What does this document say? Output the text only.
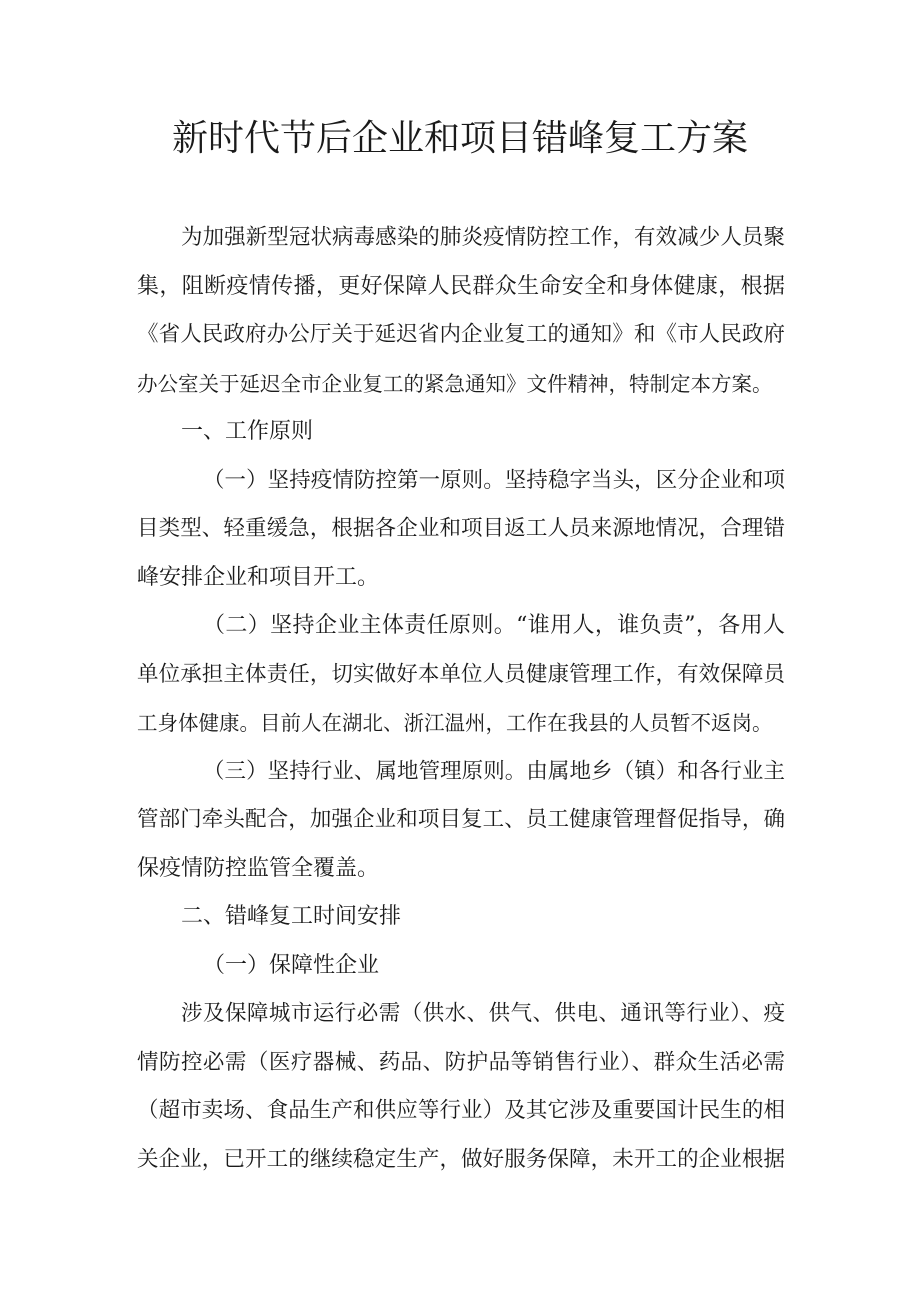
新时代节后企业和项目错峰复工方案
为加强新型冠状病毒感染的肺炎疫情防控工作，有效减少人员聚
集，阻断疫情传播，更好保障人民群众生命安全和身体健康，根据
《省人民政府办公厅关于延迟省内企业复工的通知》和《市人民政府
办公室关于延迟全市企业复工的紧急通知》文件精神，特制定本方案。
一、工作原则
（一）坚持疫情防控第一原则。坚持稳字当头，区分企业和项
目类型、轻重缓急，根据各企业和项目返工人员来源地情况，合理错
峰安排企业和项目开工。
（二）坚持企业主体责任原则。“谁用人，谁负责”，各用人
单位承担主体责任，切实做好本单位人员健康管理工作，有效保障员
工身体健康。目前人在湖北、浙江温州，工作在我县的人员暂不返岗。
（三）坚持行业、属地管理原则。由属地乡（镇）和各行业主
管部门牵头配合，加强企业和项目复工、员工健康管理督促指导，确
保疫情防控监管全覆盖。
二、错峰复工时间安排
（一）保障性企业
涉及保障城市运行必需（供水、供气、供电、通讯等行业）、疫
情防控必需（医疗器械、药品、防护品等销售行业）、群众生活必需
（超市卖场、食品生产和供应等行业）及其它涉及重要国计民生的相
关企业，已开工的继续稳定生产，做好服务保障，未开工的企业根据
